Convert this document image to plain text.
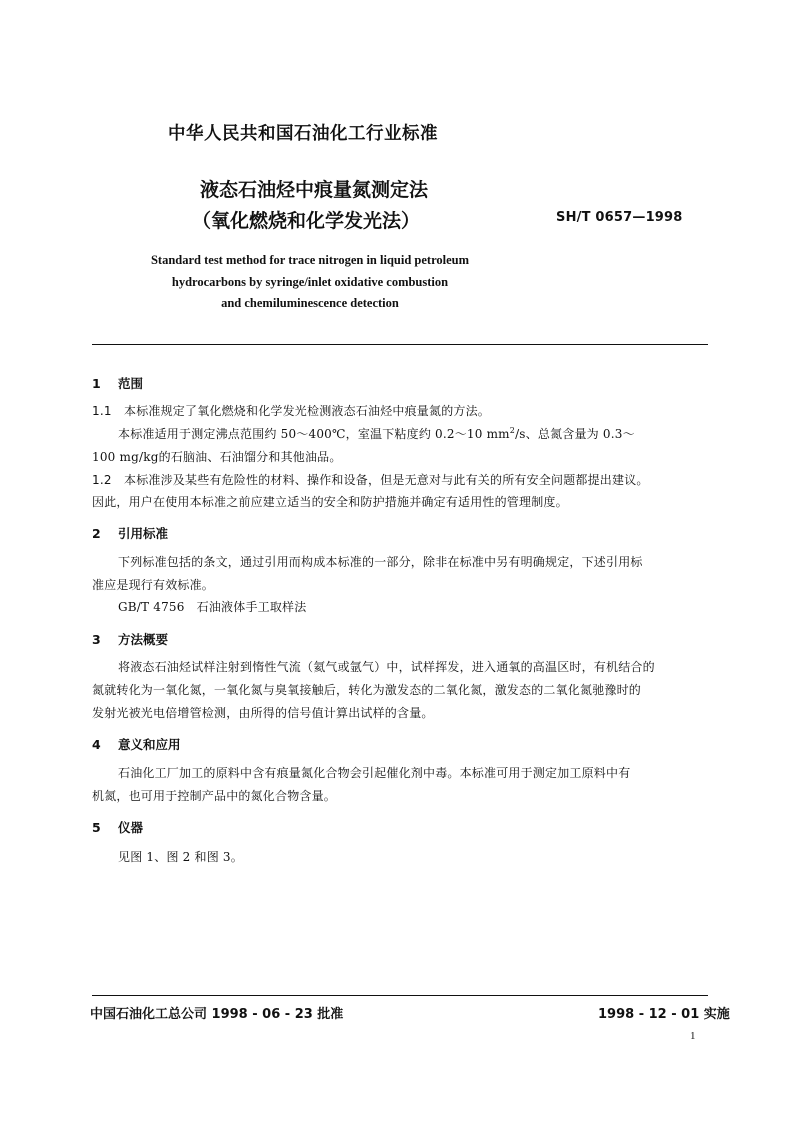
中华人民共和国石油化工行业标准
液态石油烃中痕量氮测定法
（氧化燃烧和化学发光法）	SH/T 0657—1998
Standard test method for trace nitrogen in liquid petroleum
hydrocarbons by syringe/inlet oxidative combustion
and chemiluminescence detection
1 范围
1.1 本标准规定了氧化燃烧和化学发光检测液态石油烃中痕量氮的方法。
本标准适用于测定沸点范围约 50～400℃，室温下粘度约 0.2～10 $mm^2/s$、总氮含量为 0.3～
100 mg/kg的石脑油、石油馏分和其他油品。
1.2 本标准涉及某些有危险性的材料、操作和设备，但是无意对与此有关的所有安全问题都提出建议。
因此，用户在使用本标准之前应建立适当的安全和防护措施并确定有适用性的管理制度。
2 引用标准
下列标准包括的条文，通过引用而构成本标准的一部分，除非在标准中另有明确规定，下述引用标
准应是现行有效标准。
GB/T 4756   石油液体手工取样法
3 方法概要
将液态石油烃试样注射到惰性气流（氦气或氩气）中，试样挥发，进入通氧的高温区时，有机结合的
氮就转化为一氧化氮，一氧化氮与臭氧接触后，转化为激发态的二氧化氮，激发态的二氧化氮驰豫时的
发射光被光电倍增管检测，由所得的信号值计算出试样的含量。
4 意义和应用
石油化工厂加工的原料中含有痕量氮化合物会引起催化剂中毒。本标准可用于测定加工原料中有
机氮，也可用于控制产品中的氮化合物含量。
5 仪器
见图 1、图 2 和图 3。
中国石油化工总公司 1998 - 06 - 23 批准	1998 - 12 - 01 实施
1
